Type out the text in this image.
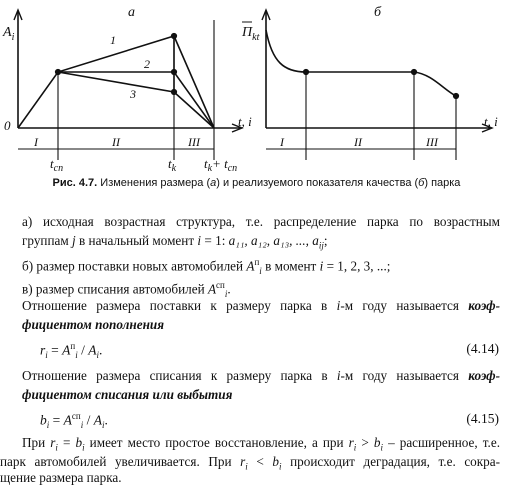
а
$A_i$
0
1
2
3
I	II	III
t, i
$t_{сп}$	$t_k$ $t_k+ t_{сп}$
б
$П_{kt}$
I	II	III
t, i
Рис. 4.7. Изменения размера (а) и реализуемого показателя качества (б) парка
а) исходная возрастная структура, т.е. распределение парка по возрастным
группам j в начальный момент i = 1: a₁₁, a₁₂, a₁₃, ..., $a_{ij}$;
б) размер поставки новых автомобилей $A^п_i$ в момент i = 1, 2, 3, ...;
в) размер списания автомобилей $A^{сп}_i$.
Отношение размера поставки к размеру парка в i-м году называется коэф-
фициентом пополнения
$r_i = A^п_i / A_i$.	(4.14)
Отношение размера списания к размеру парка в i-м году называется коэф-
фициентом списания или выбытия
$b_i = A^{сп}_i / A_i$.	(4.15)
При $r_i = b_i$ имеет место простое восстановление, а при $r_i > b_i$ – расширенное, т.е.
парк автомобилей увеличивается. При $r_i < b_i$ происходит деградация, т.е. сокра-
щение размера парка.
